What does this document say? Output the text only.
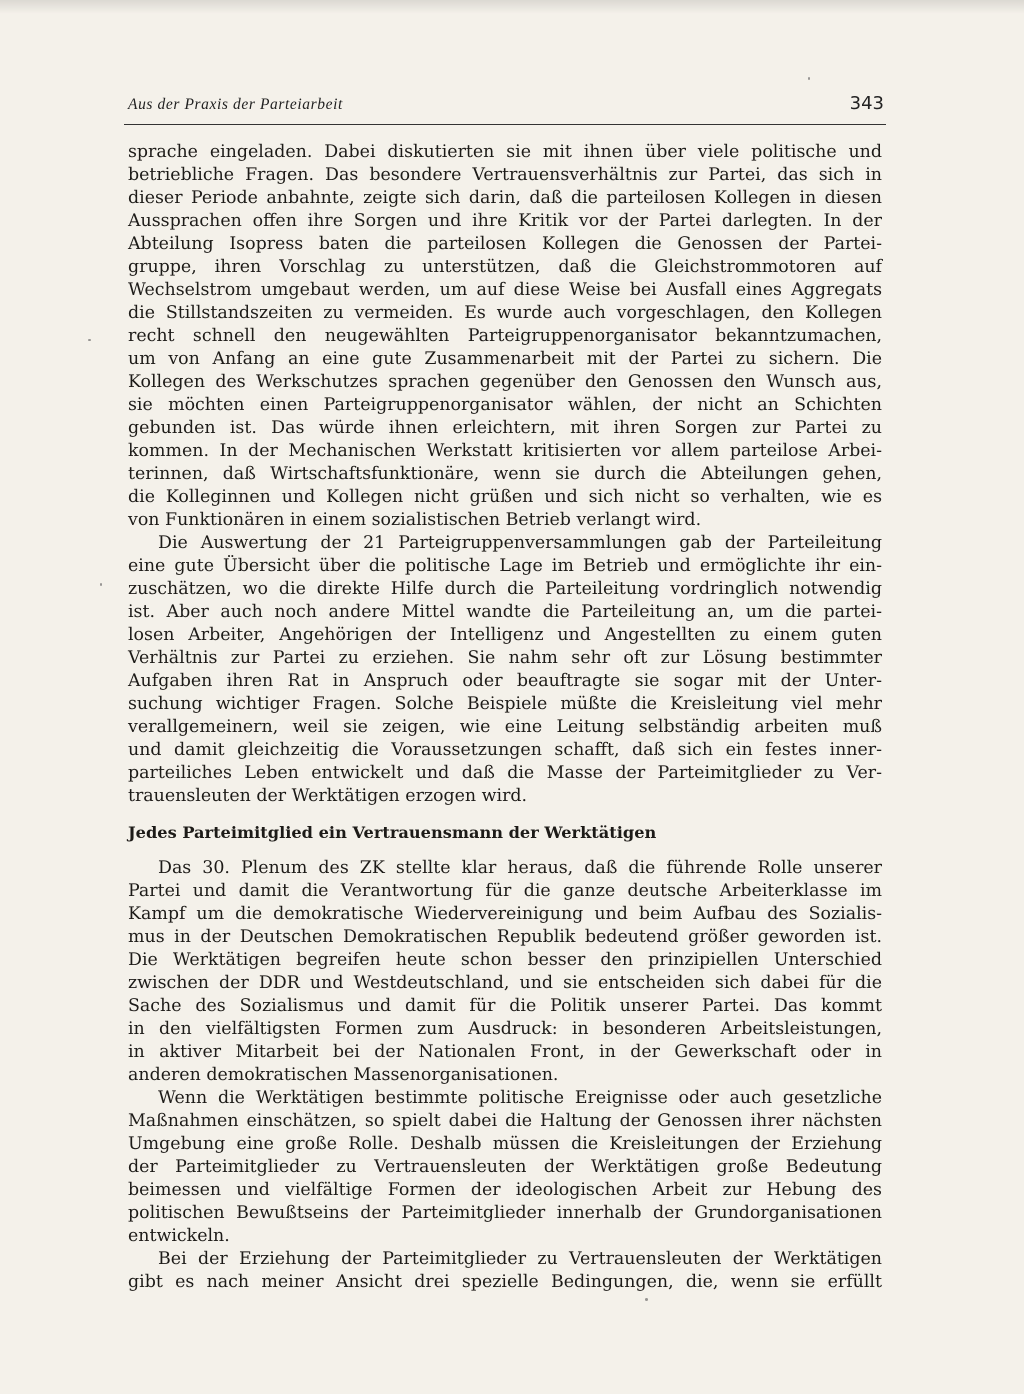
Aus der Praxis der Parteiarbeit	343
sprache eingeladen. Dabei diskutierten sie mit ihnen über viele politische und
betriebliche Fragen. Das besondere Vertrauensverhältnis zur Partei, das sich in
dieser Periode anbahnte, zeigte sich darin, daß die parteilosen Kollegen in diesen
Aussprachen offen ihre Sorgen und ihre Kritik vor der Partei darlegten. In der
Abteilung Isopress baten die parteilosen Kollegen die Genossen der Partei-
gruppe, ihren Vorschlag zu unterstützen, daß die Gleichstrommotoren auf
Wechselstrom umgebaut werden, um auf diese Weise bei Ausfall eines Aggregats
die Stillstandszeiten zu vermeiden. Es wurde auch vorgeschlagen, den Kollegen
recht schnell den neugewählten Parteigruppenorganisator bekanntzumachen,
um von Anfang an eine gute Zusammenarbeit mit der Partei zu sichern. Die
Kollegen des Werkschutzes sprachen gegenüber den Genossen den Wunsch aus,
sie möchten einen Parteigruppenorganisator wählen, der nicht an Schichten
gebunden ist. Das würde ihnen erleichtern, mit ihren Sorgen zur Partei zu
kommen. In der Mechanischen Werkstatt kritisierten vor allem parteilose Arbei-
terinnen, daß Wirtschaftsfunktionäre, wenn sie durch die Abteilungen gehen,
die Kolleginnen und Kollegen nicht grüßen und sich nicht so verhalten, wie es
von Funktionären in einem sozialistischen Betrieb verlangt wird.
Die Auswertung der 21 Parteigruppenversammlungen gab der Parteileitung
eine gute Übersicht über die politische Lage im Betrieb und ermöglichte ihr ein-
zuschätzen, wo die direkte Hilfe durch die Parteileitung vordringlich notwendig
ist. Aber auch noch andere Mittel wandte die Parteileitung an, um die partei-
losen Arbeiter, Angehörigen der Intelligenz und Angestellten zu einem guten
Verhältnis zur Partei zu erziehen. Sie nahm sehr oft zur Lösung bestimmter
Aufgaben ihren Rat in Anspruch oder beauftragte sie sogar mit der Unter-
suchung wichtiger Fragen. Solche Beispiele müßte die Kreisleitung viel mehr
verallgemeinern, weil sie zeigen, wie eine Leitung selbständig arbeiten muß
und damit gleichzeitig die Voraussetzungen schafft, daß sich ein festes inner-
parteiliches Leben entwickelt und daß die Masse der Parteimitglieder zu Ver-
trauensleuten der Werktätigen erzogen wird.
Jedes Parteimitglied ein Vertrauensmann der Werktätigen
Das 30. Plenum des ZK stellte klar heraus, daß die führende Rolle unserer
Partei und damit die Verantwortung für die ganze deutsche Arbeiterklasse im
Kampf um die demokratische Wiedervereinigung und beim Aufbau des Sozialis-
mus in der Deutschen Demokratischen Republik bedeutend größer geworden ist.
Die Werktätigen begreifen heute schon besser den prinzipiellen Unterschied
zwischen der DDR und Westdeutschland, und sie entscheiden sich dabei für die
Sache des Sozialismus und damit für die Politik unserer Partei. Das kommt
in den vielfältigsten Formen zum Ausdruck: in besonderen Arbeitsleistungen,
in aktiver Mitarbeit bei der Nationalen Front, in der Gewerkschaft oder in
anderen demokratischen Massenorganisationen.
Wenn die Werktätigen bestimmte politische Ereignisse oder auch gesetzliche
Maßnahmen einschätzen, so spielt dabei die Haltung der Genossen ihrer nächsten
Umgebung eine große Rolle. Deshalb müssen die Kreisleitungen der Erziehung
der Parteimitglieder zu Vertrauensleuten der Werktätigen große Bedeutung
beimessen und vielfältige Formen der ideologischen Arbeit zur Hebung des
politischen Bewußtseins der Parteimitglieder innerhalb der Grundorganisationen
entwickeln.
Bei der Erziehung der Parteimitglieder zu Vertrauensleuten der Werktätigen
gibt es nach meiner Ansicht drei spezielle Bedingungen, die, wenn sie erfüllt
